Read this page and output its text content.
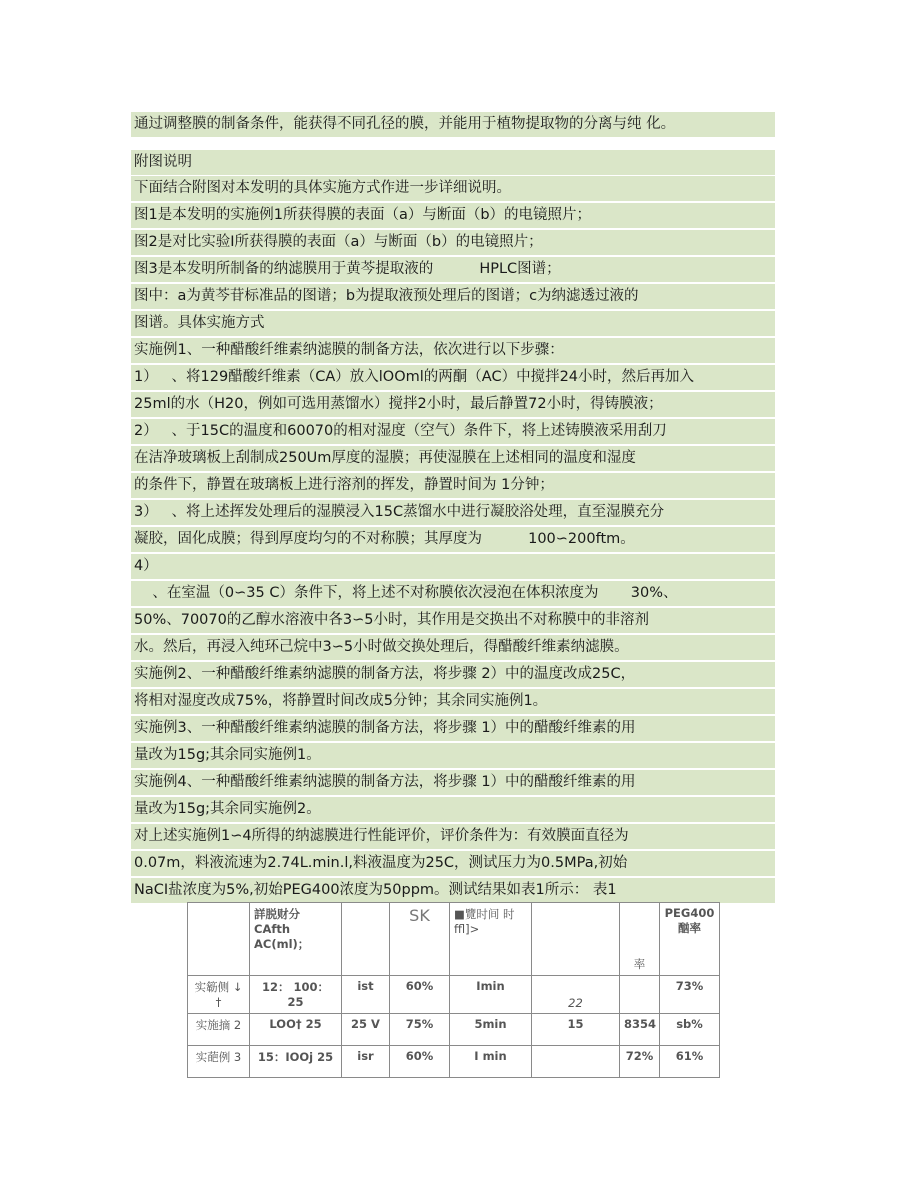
通过调整膜的制备条件，能获得不同孔径的膜，并能用于植物提取物的分离与纯 化。
附图说明
下面结合附图对本发明的具体实施方式作进一步详细说明。
图1是本发明的实施例1所获得膜的表面（a）与断面（b）的电镜照片；
图2是对比实验Ⅰ所获得膜的表面（a）与断面（b）的电镜照片；
图3是本发明所制备的纳滤膜用于黄芩提取液的          HPLC图谱；
图中：a为黄芩苷标准品的图谱；b为提取液预处理后的图谱；c为纳滤透过液的
图谱。具体实施方式
实施例1、一种醋酸纤维素纳滤膜的制备方法，依次进行以下步骤：
1）   、将129醋酸纤维素（CA）放入lOOml的两酮（AC）中搅拌24小时，然后再加入
25ml的水（H20，例如可选用蒸馏水）搅拌2小时，最后静置72小时，得铸膜液；
2）   、于15C的温度和60070的相对湿度（空气）条件下，将上述铸膜液采用刮刀
在洁净玻璃板上刮制成250Um厚度的湿膜；再使湿膜在上述相同的温度和湿度
的条件下，静置在玻璃板上进行溶剂的挥发，静置时间为 1分钟；
3）   、将上述挥发处理后的湿膜浸入15C蒸馏水中进行凝胶浴处理，直至湿膜充分
凝胶，固化成膜；得到厚度均匀的不对称膜；其厚度为          100∽200ftm。
4）
、在室温（0∽35 C）条件下，将上述不对称膜依次浸泡在体积浓度为       30%、
50%、70070的乙醇水溶液中各3∽5小时，其作用是交换出不对称膜中的非溶剂
水。然后，再浸入纯环己烷中3∽5小时做交换处理后，得醋酸纤维素纳滤膜。
实施例2、一种醋酸纤维素纳滤膜的制备方法，将步骤 2）中的温度改成25C，
将相对湿度改成75%，将静置时间改成5分钟；其余同实施例1。
实施例3、一种醋酸纤维素纳滤膜的制备方法，将步骤 1）中的醋酸纤维素的用
量改为15g;其余同实施例1。
实施例4、一种醋酸纤维素纳滤膜的制备方法，将步骤 1）中的醋酸纤维素的用
量改为15g;其余同实施例2。
对上述实施例1∽4所得的纳滤膜进行性能评价，评价条件为：有效膜面直径为
0.07m，料液流速为2.74L.min.l,料液温度为25C，测试压力为0.5MPa,初始
NaCI盐浓度为5%,初始PEG400浓度为50ppm。测试结果如表1所示： 表1
	詳脱财分 CAfth AC(ml)；		SK	■覽时间 时 ffl]>		率	PEG400 酗率
实簕侧 ↓ †	12： 100： 25	ist	60%	Imin	22		73%
实施摘 2	LOO† 25	25 V	75%	5min	15	8354	sb%
实葩例 3	15：IOOj 25	isr	60%	I min		72%	61%
